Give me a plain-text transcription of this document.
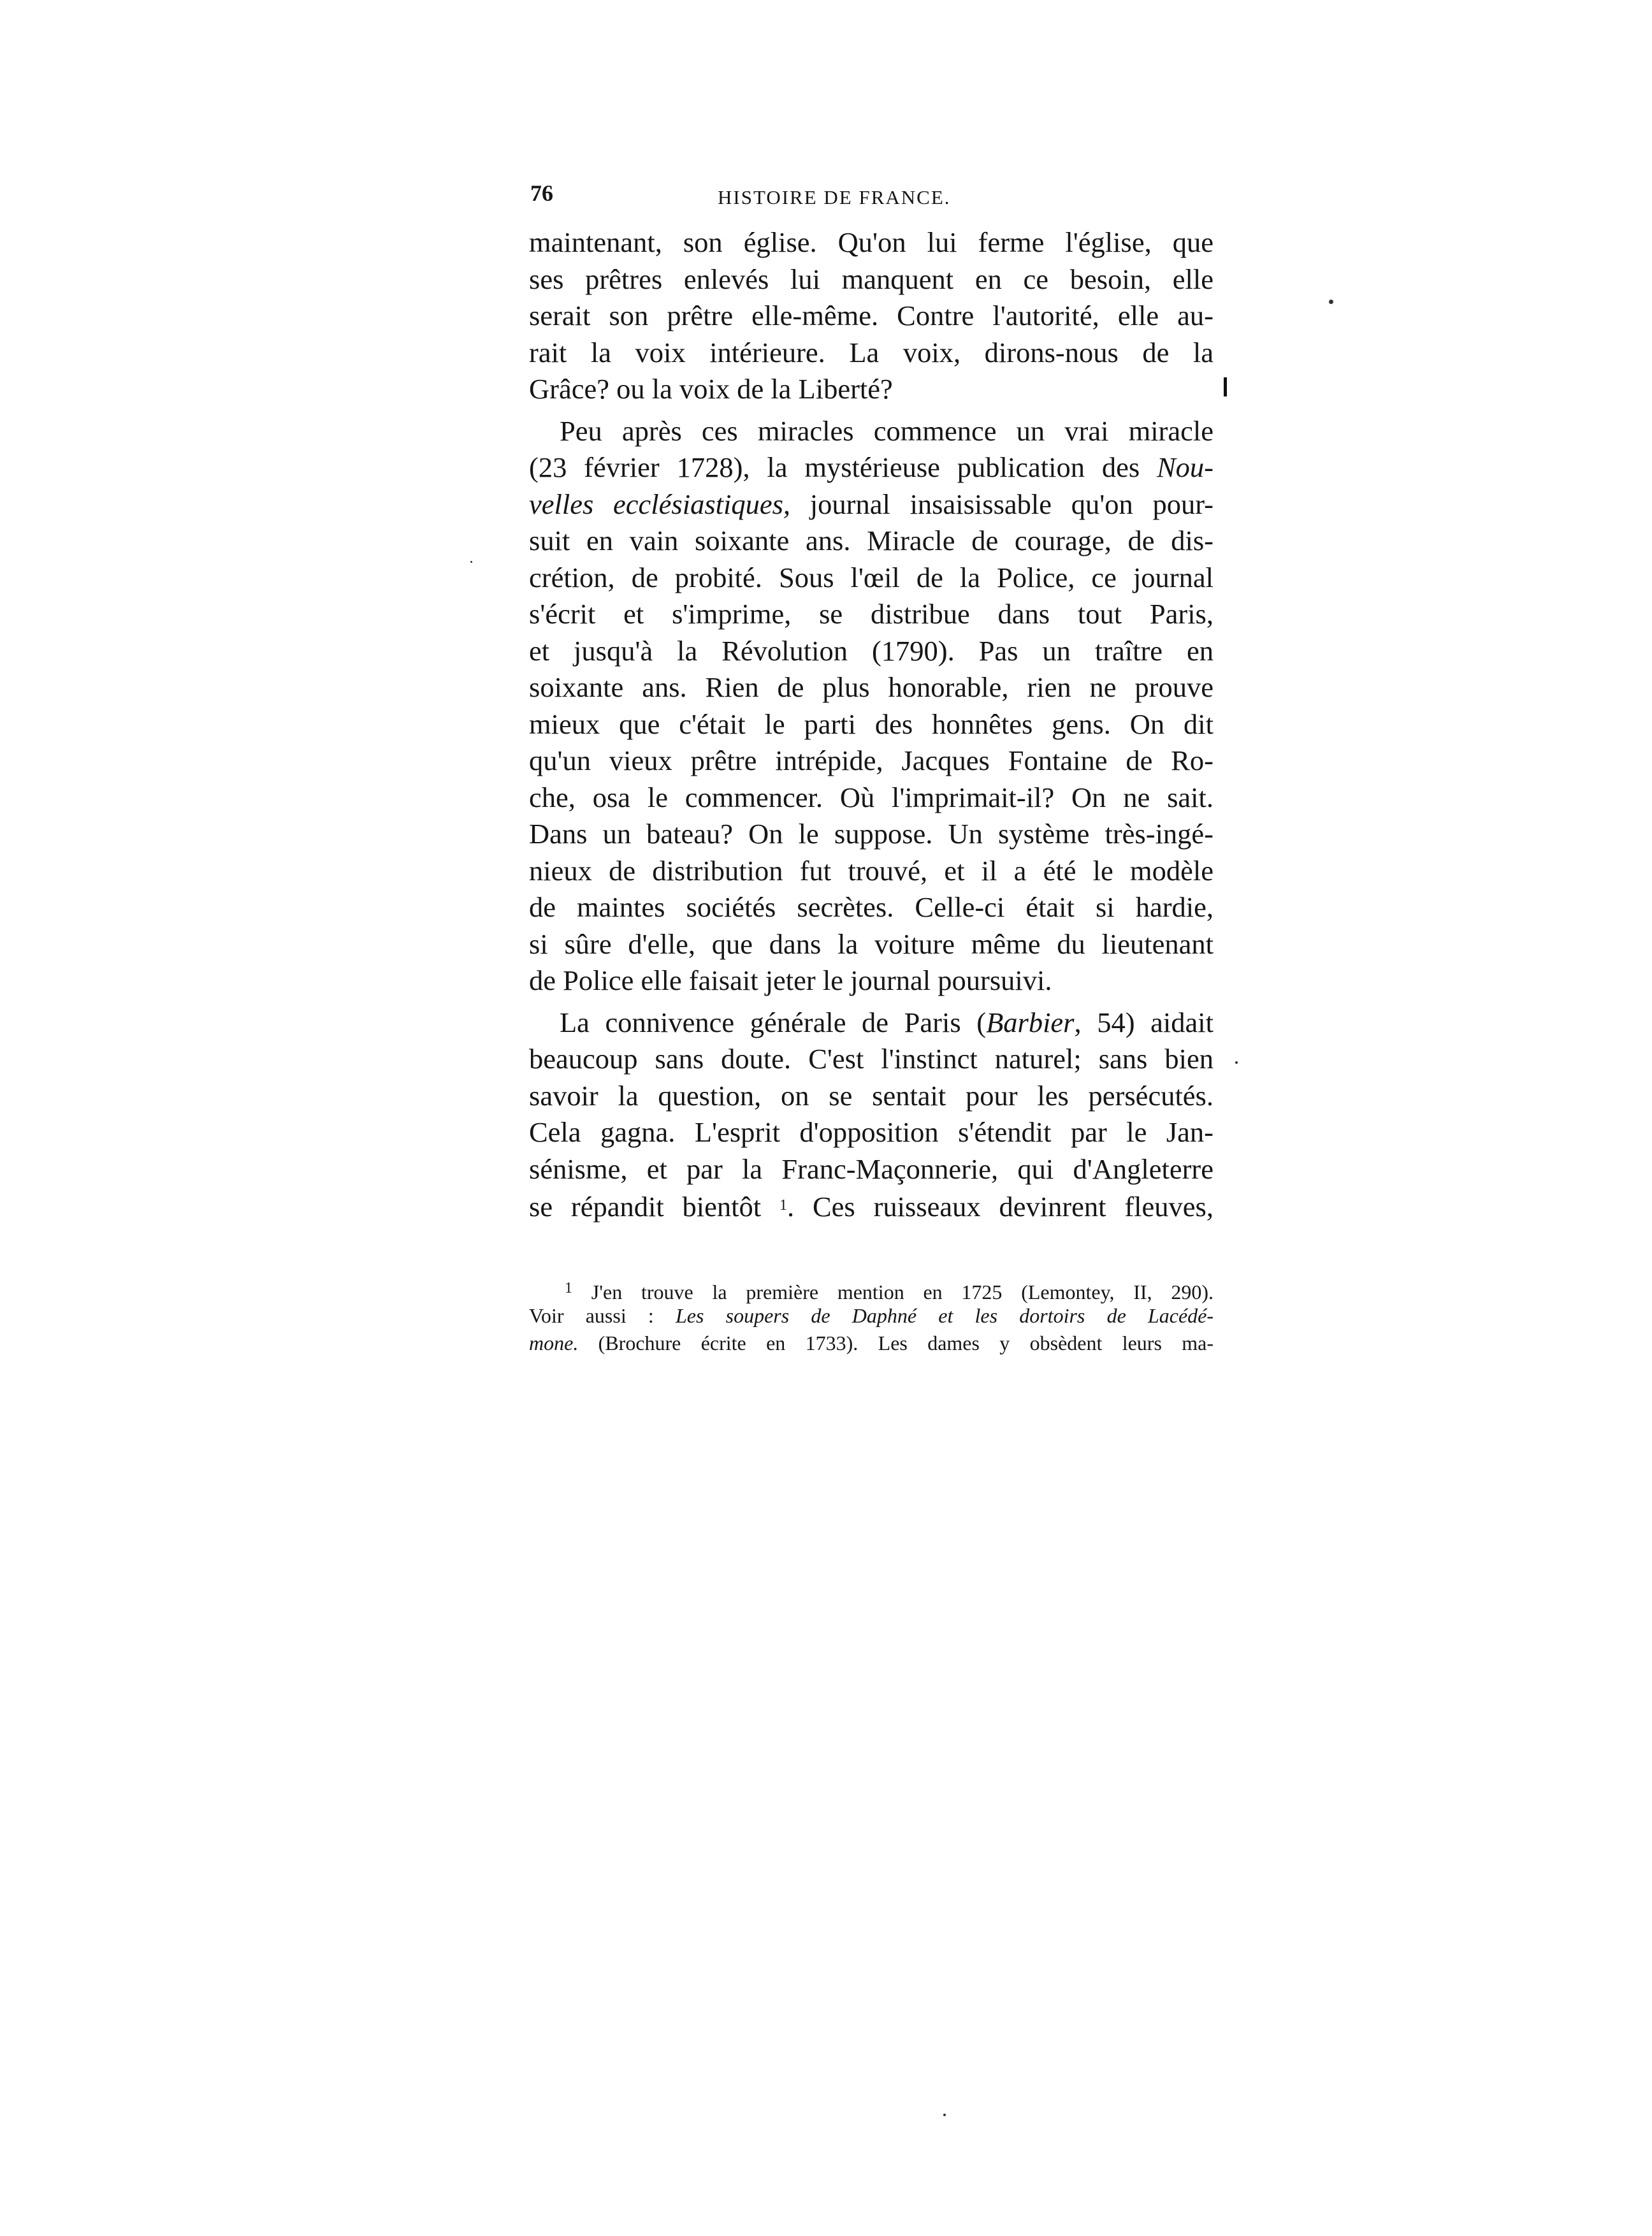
76	HISTOIRE DE FRANCE.
maintenant, son église. Qu'on lui ferme l'église, que
ses prêtres enlevés lui manquent en ce besoin, elle
serait son prêtre elle-même. Contre l'autorité, elle au-
rait la voix intérieure. La voix, dirons-nous de la
Grâce? ou la voix de la Liberté?
Peu après ces miracles commence un vrai miracle
(23 février 1728), la mystérieuse publication des Nou-
velles ecclésiastiques, journal insaisissable qu'on pour-
suit en vain soixante ans. Miracle de courage, de dis-
crétion, de probité. Sous l'œil de la Police, ce journal
s'écrit et s'imprime, se distribue dans tout Paris,
et jusqu'à la Révolution (1790). Pas un traître en
soixante ans. Rien de plus honorable, rien ne prouve
mieux que c'était le parti des honnêtes gens. On dit
qu'un vieux prêtre intrépide, Jacques Fontaine de Ro-
che, osa le commencer. Où l'imprimait-il? On ne sait.
Dans un bateau? On le suppose. Un système très-ingé-
nieux de distribution fut trouvé, et il a été le modèle
de maintes sociétés secrètes. Celle-ci était si hardie,
si sûre d'elle, que dans la voiture même du lieutenant
de Police elle faisait jeter le journal poursuivi.
La connivence générale de Paris (Barbier, 54) aidait
beaucoup sans doute. C'est l'instinct naturel; sans bien
savoir la question, on se sentait pour les persécutés.
Cela gagna. L'esprit d'opposition s'étendit par le Jan-
sénisme, et par la Franc-Maçonnerie, qui d'Angleterre
se répandit bientôt $^1$. Ces ruisseaux devinrent fleuves,
$^1$ J'en trouve la première mention en 1725 (Lemontey, II, 290).
Voir aussi : Les soupers de Daphné et les dortoirs de Lacédé-
mone. (Brochure écrite en 1733). Les dames y obsèdent leurs ma-
